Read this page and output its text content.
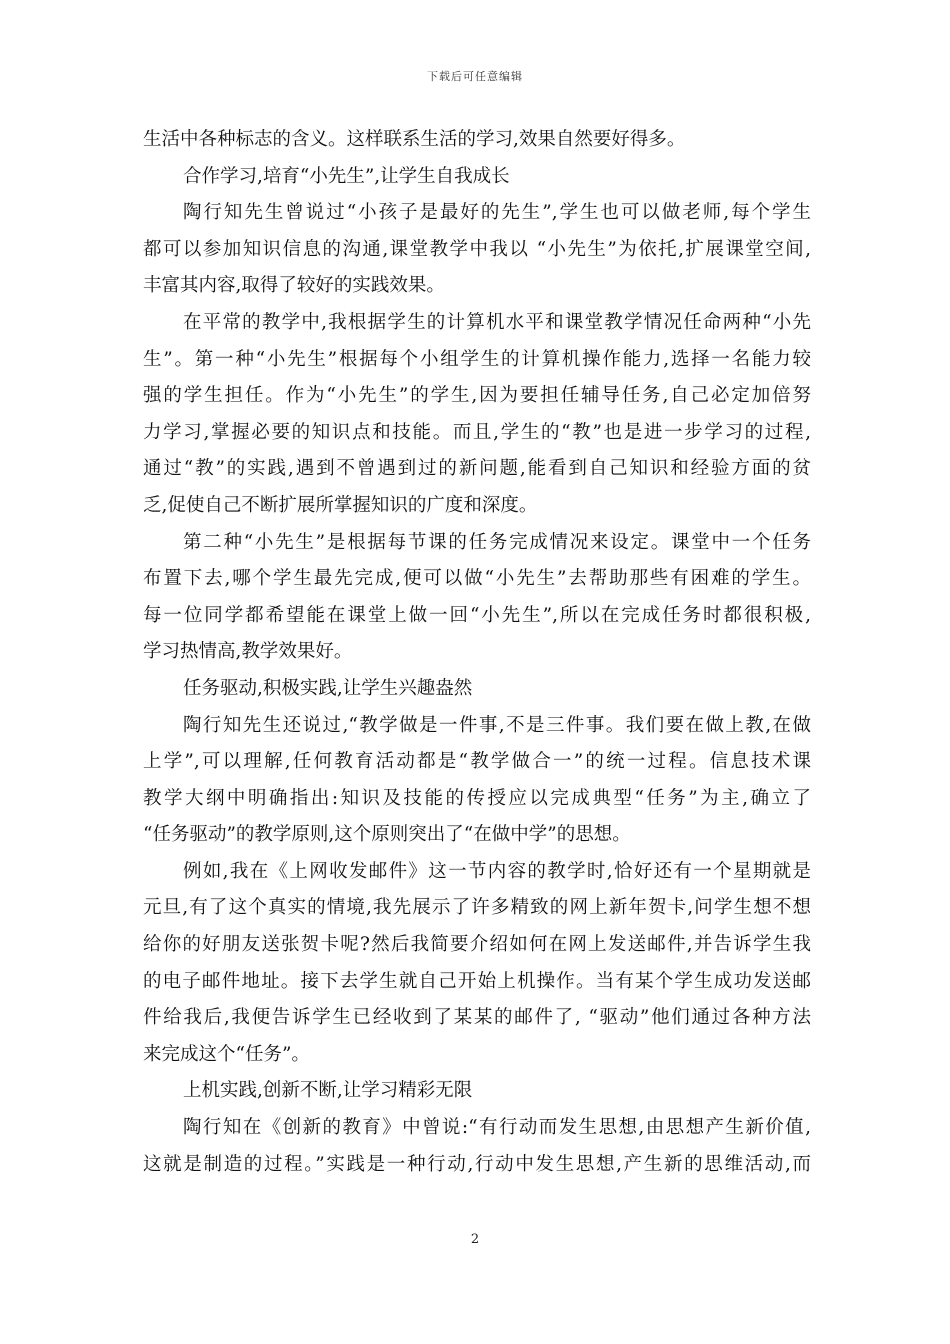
下载后可任意编辑
生活中各种标志的含义。这样联系生活的学习,效果自然要好得多。
合作学习,培育“小先生”,让学生自我成长
陶行知先生曾说过“小孩子是最好的先生”,学生也可以做老师,每个学生
都可以参加知识信息的沟通,课堂教学中我以 “小先生”为依托,扩展课堂空间,
丰富其内容,取得了较好的实践效果。
在平常的教学中,我根据学生的计算机水平和课堂教学情况任命两种“小先
生”。第一种“小先生”根据每个小组学生的计算机操作能力,选择一名能力较
强的学生担任。作为“小先生”的学生,因为要担任辅导任务,自己必定加倍努
力学习,掌握必要的知识点和技能。而且,学生的“教”也是进一步学习的过程,
通过“教”的实践,遇到不曾遇到过的新问题,能看到自己知识和经验方面的贫
乏,促使自己不断扩展所掌握知识的广度和深度。
第二种“小先生”是根据每节课的任务完成情况来设定。课堂中一个任务
布置下去,哪个学生最先完成,便可以做“小先生”去帮助那些有困难的学生。
每一位同学都希望能在课堂上做一回“小先生”,所以在完成任务时都很积极,
学习热情高,教学效果好。
任务驱动,积极实践,让学生兴趣盎然
陶行知先生还说过,“教学做是一件事,不是三件事。我们要在做上教,在做
上学”,可以理解,任何教育活动都是“教学做合一”的统一过程。信息技术课
教学大纲中明确指出:知识及技能的传授应以完成典型“任务”为主,确立了
“任务驱动”的教学原则,这个原则突出了“在做中学”的思想。
例如,我在《上网收发邮件》这一节内容的教学时,恰好还有一个星期就是
元旦,有了这个真实的情境,我先展示了许多精致的网上新年贺卡,问学生想不想
给你的好朋友送张贺卡呢?然后我简要介绍如何在网上发送邮件,并告诉学生我
的电子邮件地址。接下去学生就自己开始上机操作。当有某个学生成功发送邮
件给我后,我便告诉学生已经收到了某某的邮件了, “驱动”他们通过各种方法
来完成这个“任务”。
上机实践,创新不断,让学习精彩无限
陶行知在《创新的教育》中曾说:“有行动而发生思想,由思想产生新价值,
这就是制造的过程。”实践是一种行动,行动中发生思想,产生新的思维活动,而
2
